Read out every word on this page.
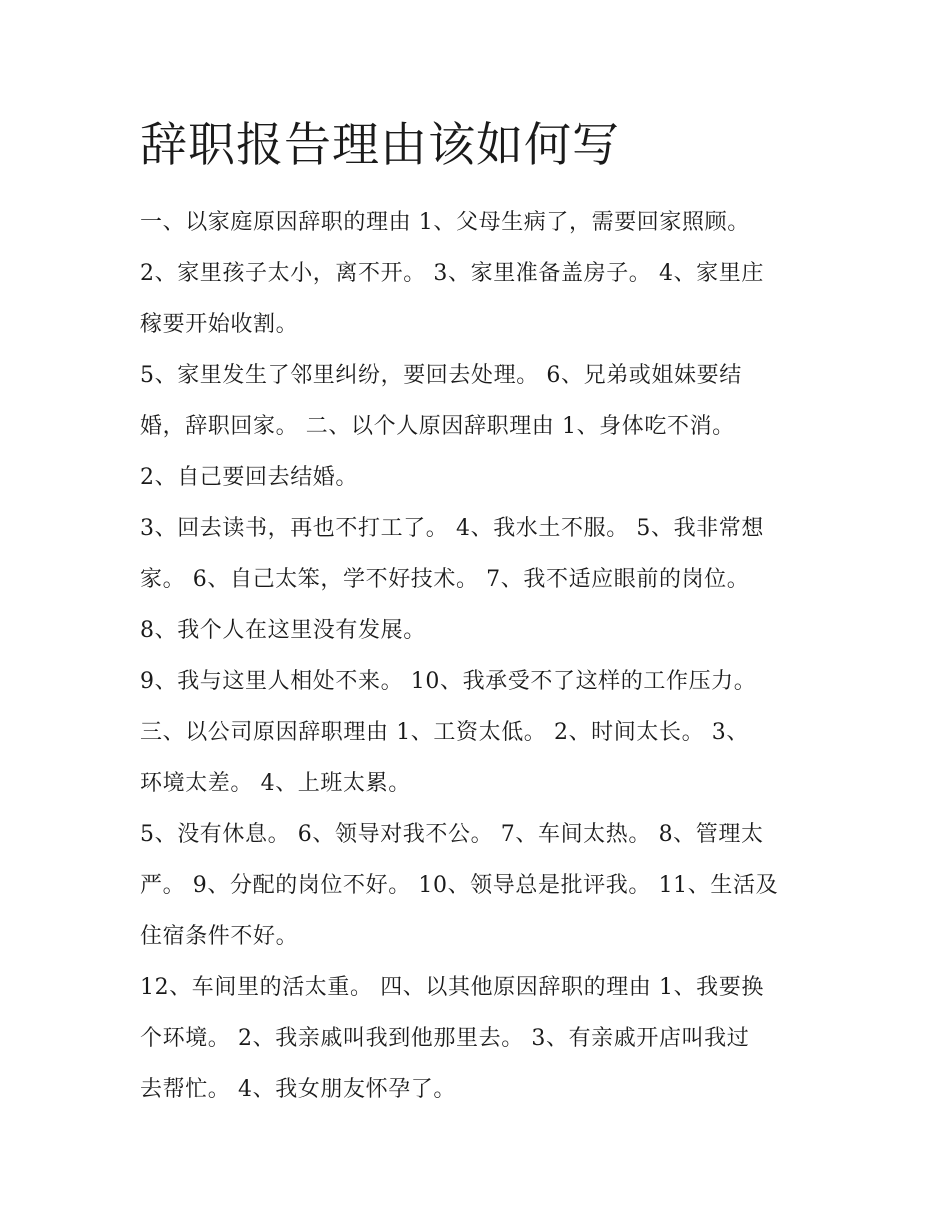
辞职报告理由该如何写
一、以家庭原因辞职的理由 1、父母生病了，需要回家照顾。
2、家里孩子太小，离不开。 3、家里准备盖房子。 4、家里庄
稼要开始收割。
5、家里发生了邻里纠纷，要回去处理。 6、兄弟或姐妹要结
婚，辞职回家。 二、以个人原因辞职理由 1、身体吃不消。
2、自己要回去结婚。
3、回去读书，再也不打工了。 4、我水土不服。 5、我非常想
家。 6、自己太笨，学不好技术。 7、我不适应眼前的岗位。
8、我个人在这里没有发展。
9、我与这里人相处不来。 10、我承受不了这样的工作压力。
三、以公司原因辞职理由 1、工资太低。 2、时间太长。 3、
环境太差。 4、上班太累。
5、没有休息。 6、领导对我不公。 7、车间太热。 8、管理太
严。 9、分配的岗位不好。 10、领导总是批评我。 11、生活及
住宿条件不好。
12、车间里的活太重。 四、以其他原因辞职的理由 1、我要换
个环境。 2、我亲戚叫我到他那里去。 3、有亲戚开店叫我过
去帮忙。 4、我女朋友怀孕了。
